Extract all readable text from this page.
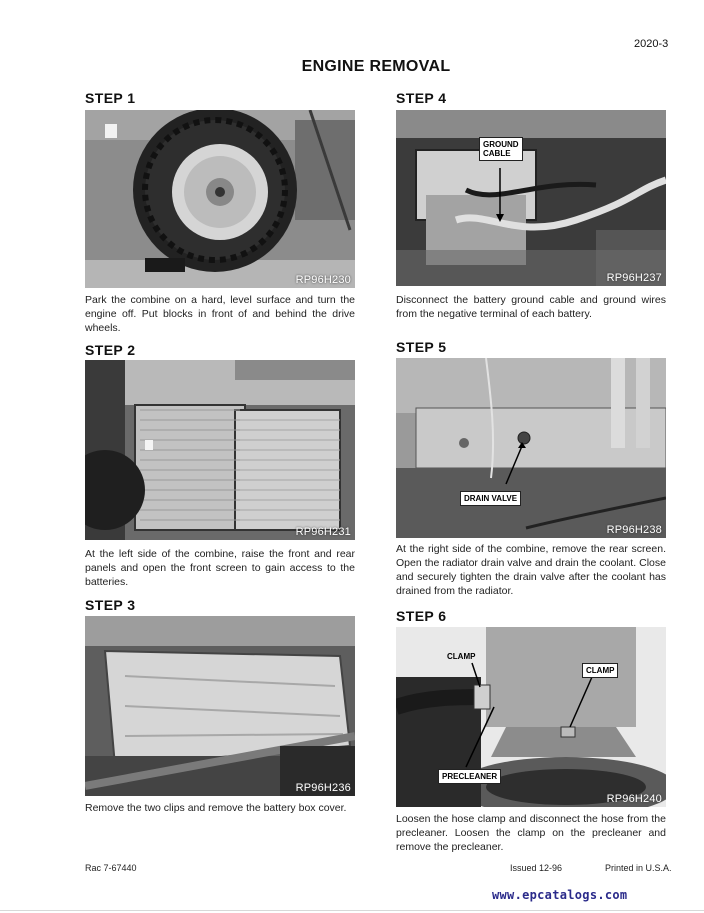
2020-3
ENGINE REMOVAL
STEP 1
RP96H230
Park the combine on a hard, level surface and turn the engine off. Put blocks in front of and behind the drive wheels.
STEP 2
RP96H231
At the left side of the combine, raise the front and rear panels and open the front screen to gain access to the batteries.
STEP 3
RP96H236
Remove the two clips and remove the battery box cover.
STEP 4
GROUND
CABLE
RP96H237
Disconnect the battery ground cable and ground wires from the negative terminal of each battery.
STEP 5
DRAIN VALVE
RP96H238
At the right side of the combine, remove the rear screen. Open the radiator drain valve and drain the coolant. Close and securely tighten the drain valve after the coolant has drained from the radiator.
STEP 6
CLAMP
CLAMP
PRECLEANER
RP96H240
Loosen the hose clamp and disconnect the hose from the precleaner. Loosen the clamp on the precleaner and remove the precleaner.
Rac 7-67440	Issued 12-96	Printed in U.S.A.
www.epcatalogs.com
